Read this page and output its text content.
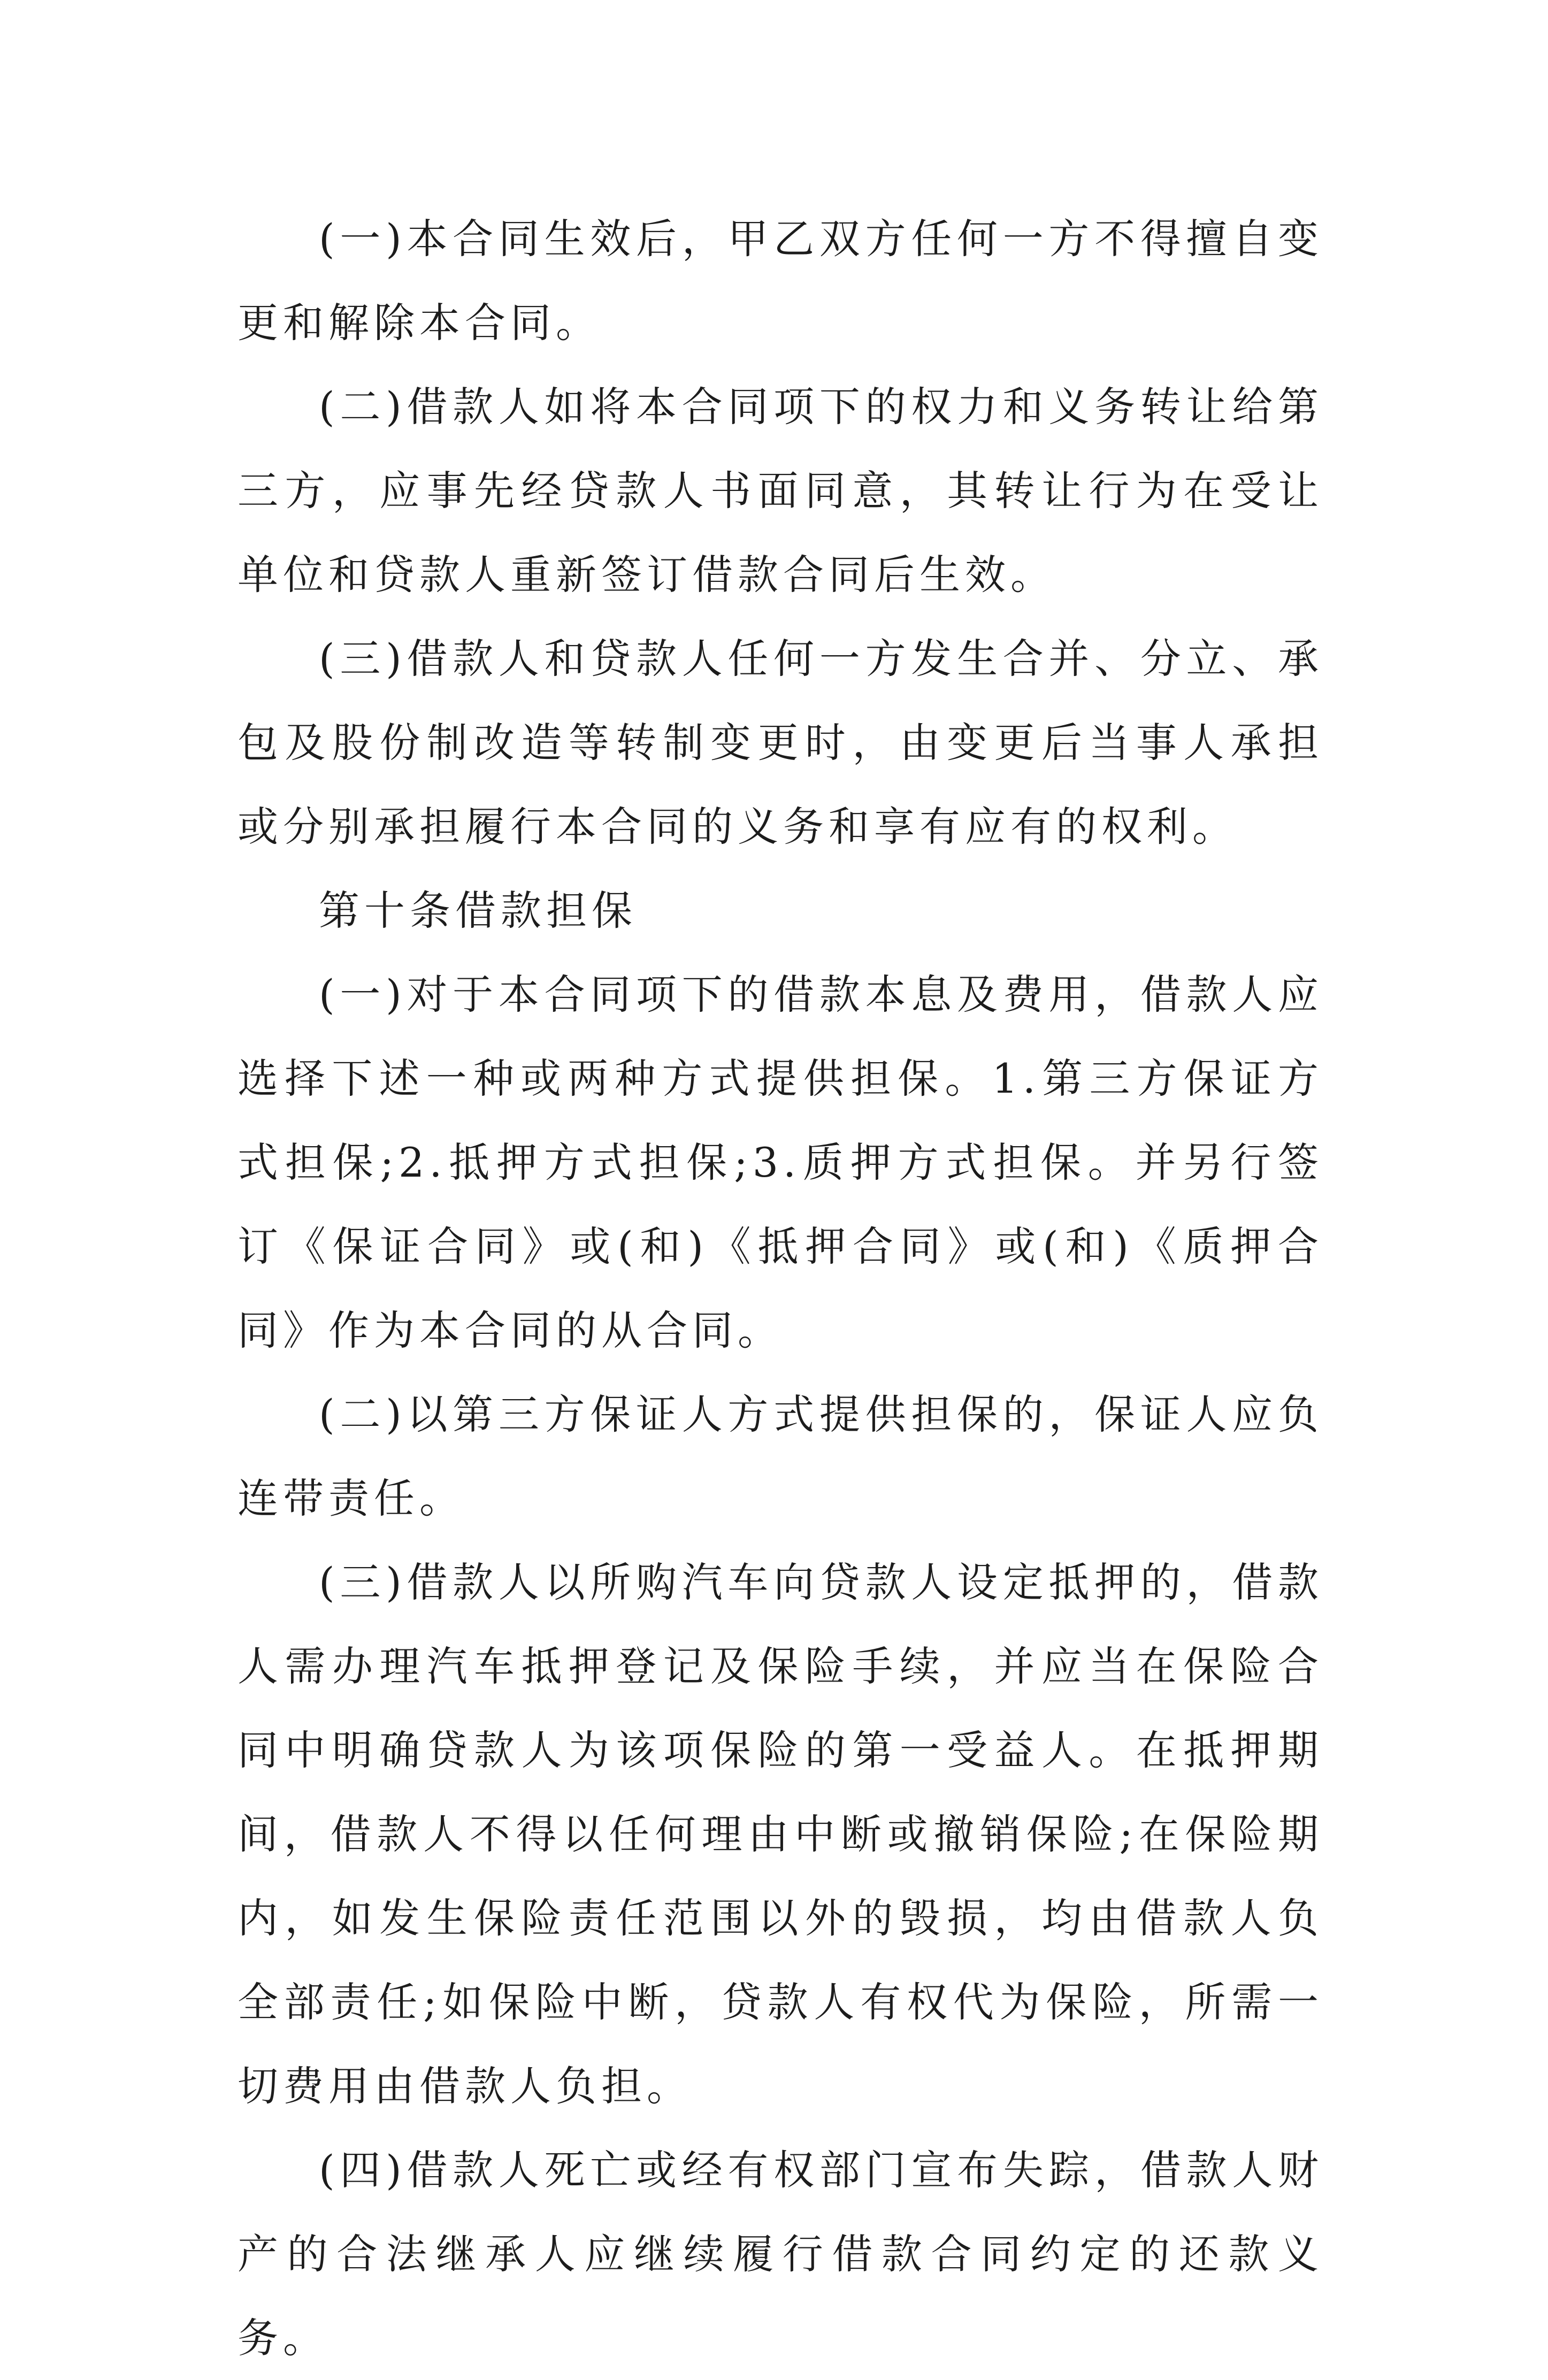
(一)本合同生效后，甲乙双方任何一方不得擅自变更和解除本合同。

(二)借款人如将本合同项下的权力和义务转让给第三方，应事先经贷款人书面同意，其转让行为在受让单位和贷款人重新签订借款合同后生效。

(三)借款人和贷款人任何一方发生合并、分立、承包及股份制改造等转制变更时，由变更后当事人承担或分别承担履行本合同的义务和享有应有的权利。

第十条借款担保

(一)对于本合同项下的借款本息及费用，借款人应选择下述一种或两种方式提供担保。1.第三方保证方式担保;2.抵押方式担保;3.质押方式担保。并另行签订《保证合同》或(和)《抵押合同》或(和)《质押合同》作为本合同的从合同。

(二)以第三方保证人方式提供担保的，保证人应负连带责任。

(三)借款人以所购汽车向贷款人设定抵押的，借款人需办理汽车抵押登记及保险手续，并应当在保险合同中明确贷款人为该项保险的第一受益人。在抵押期间，借款人不得以任何理由中断或撤销保险;在保险期内，如发生保险责任范围以外的毁损，均由借款人负全部责任;如保险中断，贷款人有权代为保险，所需一切费用由借款人负担。

(四)借款人死亡或经有权部门宣布失踪，借款人财产的合法继承人应继续履行借款合同约定的还款义务。
